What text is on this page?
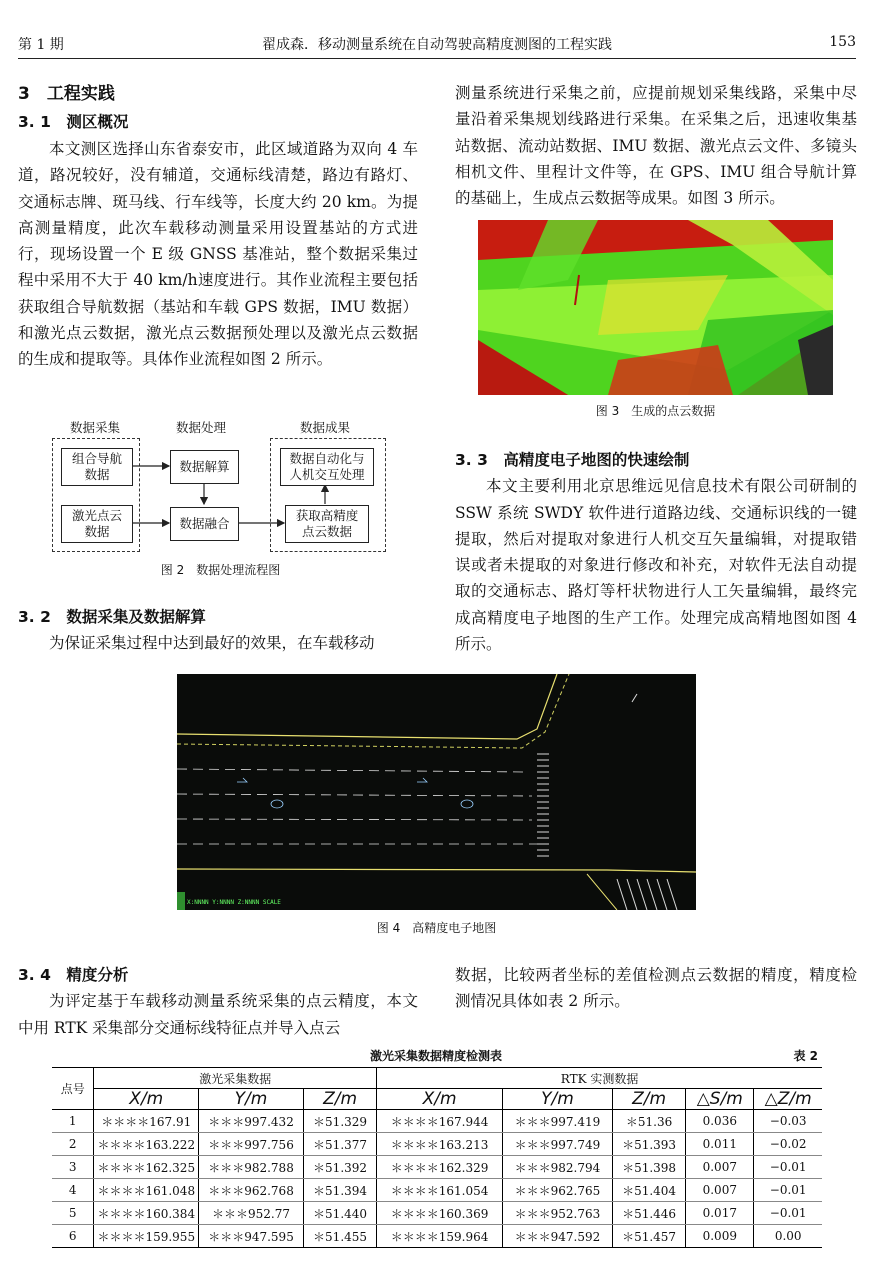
第 1 期	翟成森．移动测量系统在自动驾驶高精度测图的工程实践	153
3　工程实践
3. 1　测区概况

本文测区选择山东省泰安市，此区域道路为双向 4 车道，路况较好，没有辅道，交通标线清楚，路边有路灯、交通标志牌、斑马线、行车线等，长度大约 20 km。为提高测量精度，此次车载移动测量采用设置基站的方式进行，现场设置一个 E 级 GNSS 基准站，整个数据采集过程中采用不大于 40 km/h速度进行。其作业流程主要包括获取组合导航数据（基站和车载 GPS 数据，IMU 数据）和激光点云数据，激光点云数据预处理以及激光点云数据的生成和提取等。具体作业流程如图 2 所示。

数据采集	数据处理	数据成果
组合导航
数据
激光点云
数据
数据解算
数据融合
数据自动化与
人机交互处理
获取高精度
点云数据
图 2　数据处理流程图
3. 2　数据采集及数据解算

为保证采集过程中达到最好的效果，在车载移动

测量系统进行采集之前，应提前规划采集线路，采集中尽量沿着采集规划线路进行采集。在采集之后，迅速收集基站数据、流动站数据、IMU 数据、激光点云文件、多镜头相机文件、里程计文件等，在 GPS、IMU 组合导航计算的基础上，生成点云数据等成果。如图 3 所示。

图 3　生成的点云数据
3. 3　高精度电子地图的快速绘制

本文主要利用北京思维远见信息技术有限公司研制的 SSW 系统 SWDY 软件进行道路边线、交通标识线的一键提取，然后对提取对象进行人机交互矢量编辑，对提取错误或者未提取的对象进行修改和补充，对软件无法自动提取的交通标志、路灯等杆状物进行人工矢量编辑，最终完成高精度电子地图的生产工作。处理完成高精地图如图 4 所示。

X:NNNN Y:NNNN Z:NNNN SCALE
图 4　高精度电子地图
3. 4　精度分析

为评定基于车载移动测量系统采集的点云精度，本文中用 RTK 采集部分交通标线特征点并导入点云

数据，比较两者坐标的差值检测点云数据的精度，精度检测情况具体如表 2 所示。

激光采集数据精度检测表	表 2
点号	激光采集数据			RTK 实测数据				
	X/m	Y/m	Z/m	X/m	Y/m	Z/m	△S/m	△Z/m
1	＊＊＊＊167.91	＊＊＊997.432	＊51.329	＊＊＊＊167.944	＊＊＊997.419	＊51.36	0.036	−0.03
2	＊＊＊＊163.222	＊＊＊997.756	＊51.377	＊＊＊＊163.213	＊＊＊997.749	＊51.393	0.011	−0.02
3	＊＊＊＊162.325	＊＊＊982.788	＊51.392	＊＊＊＊162.329	＊＊＊982.794	＊51.398	0.007	−0.01
4	＊＊＊＊161.048	＊＊＊962.768	＊51.394	＊＊＊＊161.054	＊＊＊962.765	＊51.404	0.007	−0.01
5	＊＊＊＊160.384	＊＊＊952.77	＊51.440	＊＊＊＊160.369	＊＊＊952.763	＊51.446	0.017	−0.01
6	＊＊＊＊159.955	＊＊＊947.595	＊51.455	＊＊＊＊159.964	＊＊＊947.592	＊51.457	0.009	0.00
